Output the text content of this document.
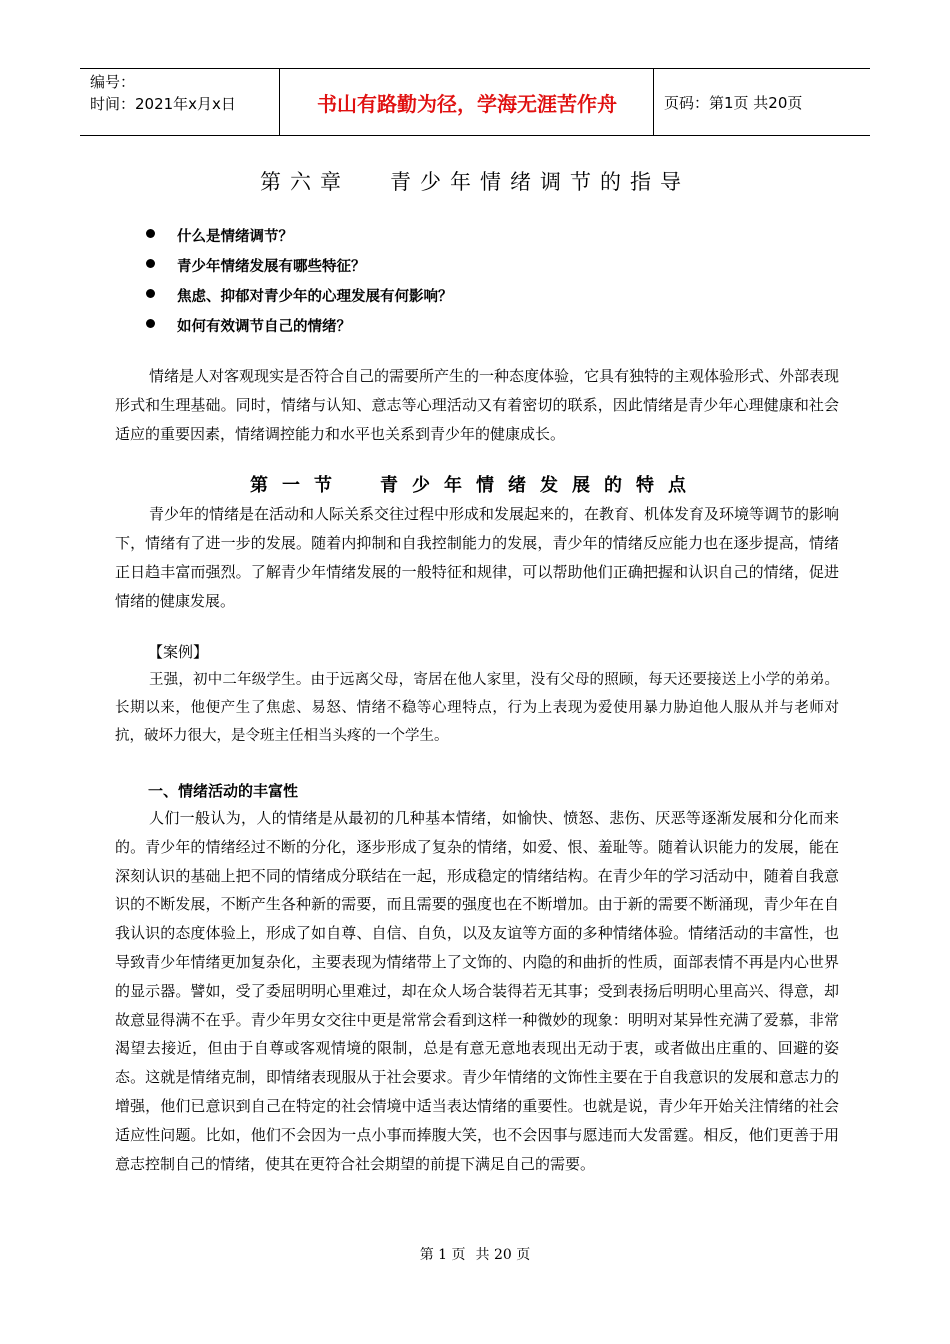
编号：
时间：2021年x月x日	书山有路勤为径，学海无涯苦作舟	页码：第1页 共20页
第六章 青少年情绪调节的指导
什么是情绪调节？
青少年情绪发展有哪些特征？
焦虑、抑郁对青少年的心理发展有何影响？
如何有效调节自己的情绪？
情绪是人对客观现实是否符合自己的需要所产生的一种态度体验，它具有独特的主观体验形式、外部表现形式和生理基础。同时，情绪与认知、意志等心理活动又有着密切的联系，因此情绪是青少年心理健康和社会适应的重要因素，情绪调控能力和水平也关系到青少年的健康成长。
第一节 青少年情绪发展的特点
青少年的情绪是在活动和人际关系交往过程中形成和发展起来的，在教育、机体发育及环境等调节的影响下，情绪有了进一步的发展。随着内抑制和自我控制能力的发展，青少年的情绪反应能力也在逐步提高，情绪正日趋丰富而强烈。了解青少年情绪发展的一般特征和规律，可以帮助他们正确把握和认识自己的情绪，促进情绪的健康发展。
【案例】
王强，初中二年级学生。由于远离父母，寄居在他人家里，没有父母的照顾，每天还要接送上小学的弟弟。长期以来，他便产生了焦虑、易怒、情绪不稳等心理特点，行为上表现为爱使用暴力胁迫他人服从并与老师对抗，破坏力很大，是令班主任相当头疼的一个学生。
一、情绪活动的丰富性
人们一般认为，人的情绪是从最初的几种基本情绪，如愉快、愤怒、悲伤、厌恶等逐渐发展和分化而来的。青少年的情绪经过不断的分化，逐步形成了复杂的情绪，如爱、恨、羞耻等。随着认识能力的发展，能在深刻认识的基础上把不同的情绪成分联结在一起，形成稳定的情绪结构。在青少年的学习活动中，随着自我意识的不断发展，不断产生各种新的需要，而且需要的强度也在不断增加。由于新的需要不断涌现，青少年在自我认识的态度体验上，形成了如自尊、自信、自负，以及友谊等方面的多种情绪体验。情绪活动的丰富性，也导致青少年情绪更加复杂化，主要表现为情绪带上了文饰的、内隐的和曲折的性质，面部表情不再是内心世界的显示器。譬如，受了委屈明明心里难过，却在众人场合装得若无其事；受到表扬后明明心里高兴、得意，却故意显得满不在乎。青少年男女交往中更是常常会看到这样一种微妙的现象：明明对某异性充满了爱慕，非常渴望去接近，但由于自尊或客观情境的限制，总是有意无意地表现出无动于衷，或者做出庄重的、回避的姿态。这就是情绪克制，即情绪表现服从于社会要求。青少年情绪的文饰性主要在于自我意识的发展和意志力的增强，他们已意识到自己在特定的社会情境中适当表达情绪的重要性。也就是说，青少年开始关注情绪的社会适应性问题。比如，他们不会因为一点小事而捧腹大笑，也不会因事与愿违而大发雷霆。相反，他们更善于用意志控制自己的情绪，使其在更符合社会期望的前提下满足自己的需要。
第 1 页 共 20 页
